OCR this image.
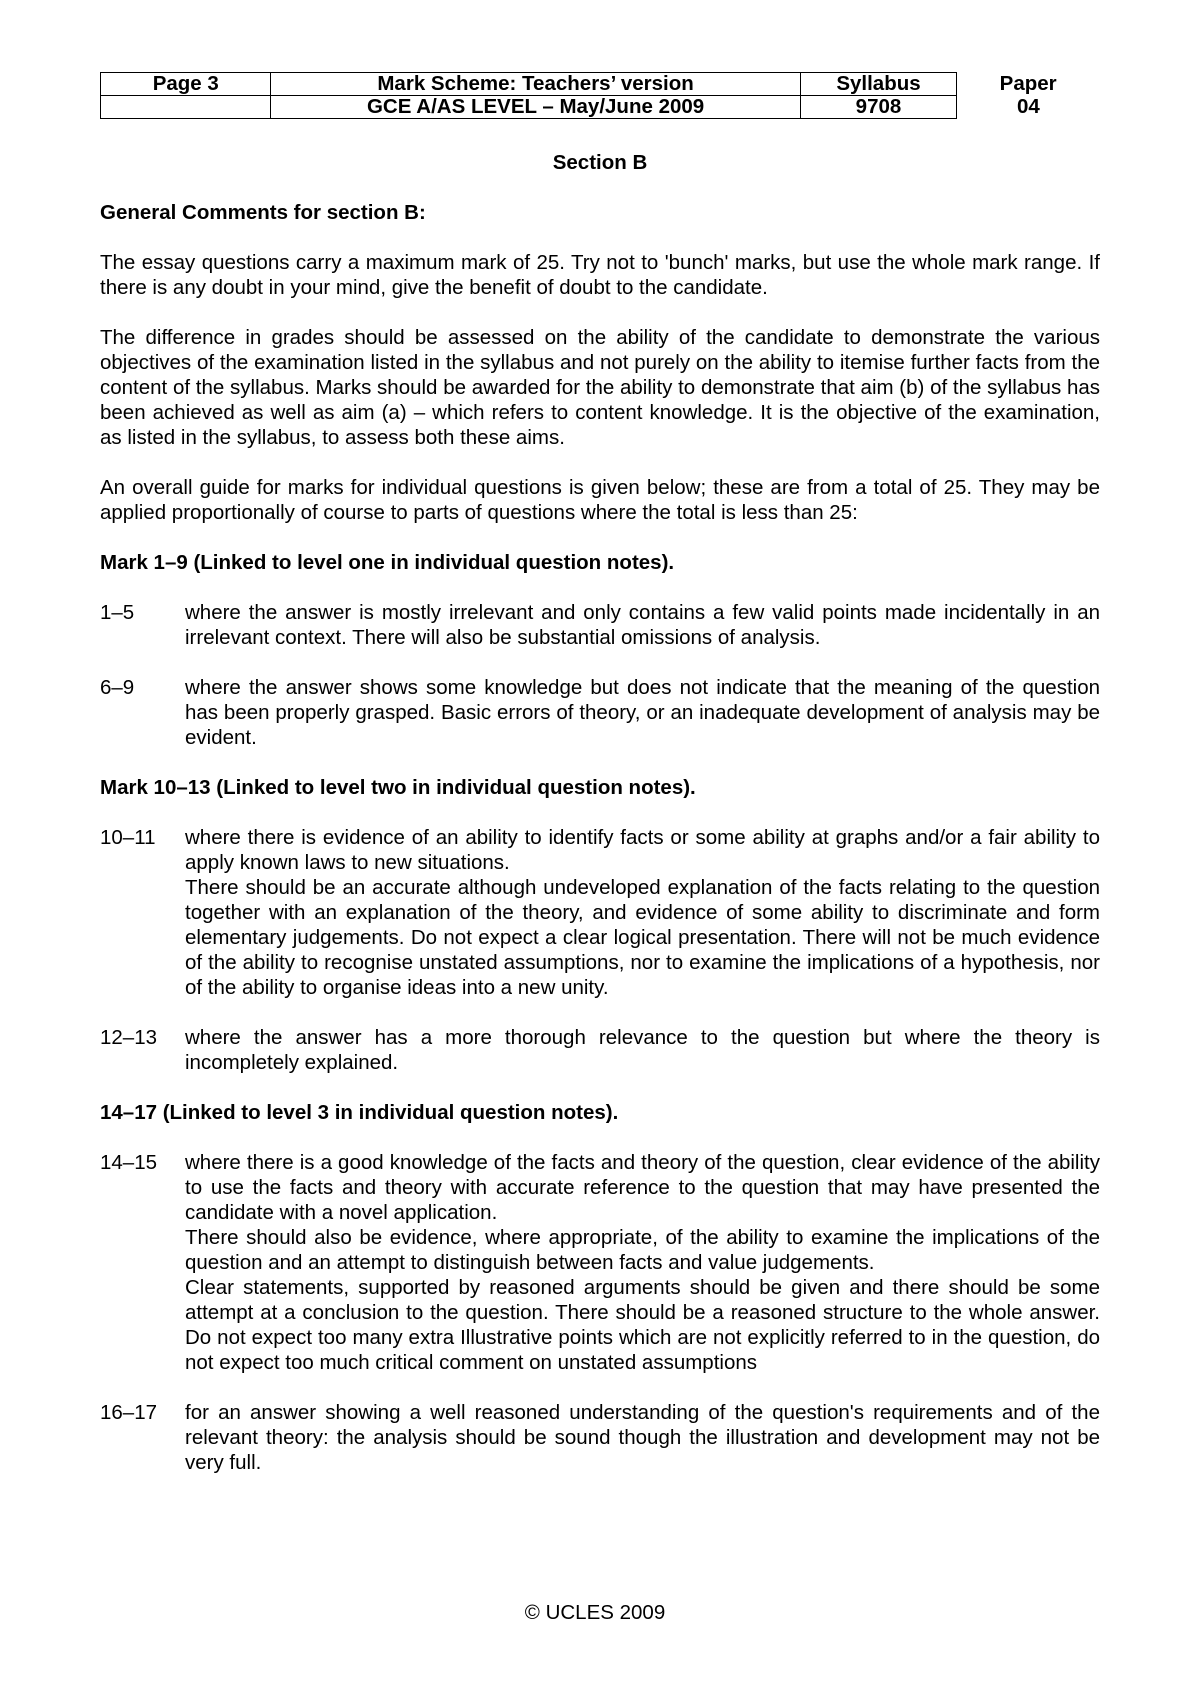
Page 3	Mark Scheme: Teachers’ version	Syllabus	Paper
	GCE A/AS LEVEL – May/June 2009	9708	04
Section B
General Comments for section B:

The essay questions carry a maximum mark of 25. Try not to 'bunch' marks, but use the whole mark range. If there is any doubt in your mind, give the benefit of doubt to the candidate.

The difference in grades should be assessed on the ability of the candidate to demonstrate the various objectives of the examination listed in the syllabus and not purely on the ability to itemise further facts from the content of the syllabus. Marks should be awarded for the ability to demonstrate that aim (b) of the syllabus has been achieved as well as aim (a) – which refers to content knowledge. It is the objective of the examination, as listed in the syllabus, to assess both these aims.

An overall guide for marks for individual questions is given below; these are from a total of 25. They may be applied proportionally of course to parts of questions where the total is less than 25:

Mark 1–9 (Linked to level one in individual question notes).
1–5	where the answer is mostly irrelevant and only contains a few valid points made incidentally in an irrelevant context. There will also be substantial omissions of analysis.
6–9	where the answer shows some knowledge but does not indicate that the meaning of the question has been properly grasped. Basic errors of theory, or an inadequate development of analysis may be evident.
Mark 10–13 (Linked to level two in individual question notes).
10–11	where there is evidence of an ability to identify facts or some ability at graphs and/or a fair ability to apply known laws to new situations.
There should be an accurate although undeveloped explanation of the facts relating to the question together with an explanation of the theory, and evidence of some ability to discriminate and form elementary judgements. Do not expect a clear logical presentation. There will not be much evidence of the ability to recognise unstated assumptions, nor to examine the implications of a hypothesis, nor of the ability to organise ideas into a new unity.
12–13	where the answer has a more thorough relevance to the question but where the theory is incompletely explained.
14–17 (Linked to level 3 in individual question notes).
14–15	where there is a good knowledge of the facts and theory of the question, clear evidence of the ability to use the facts and theory with accurate reference to the question that may have presented the candidate with a novel application.
There should also be evidence, where appropriate, of the ability to examine the implications of the question and an attempt to distinguish between facts and value judgements.
Clear statements, supported by reasoned arguments should be given and there should be some attempt at a conclusion to the question. There should be a reasoned structure to the whole answer. Do not expect too many extra Illustrative points which are not explicitly referred to in the question, do not expect too much critical comment on unstated assumptions
16–17	for an answer showing a well reasoned understanding of the question's requirements and of the relevant theory: the analysis should be sound though the illustration and development may not be very full.
© UCLES 2009
